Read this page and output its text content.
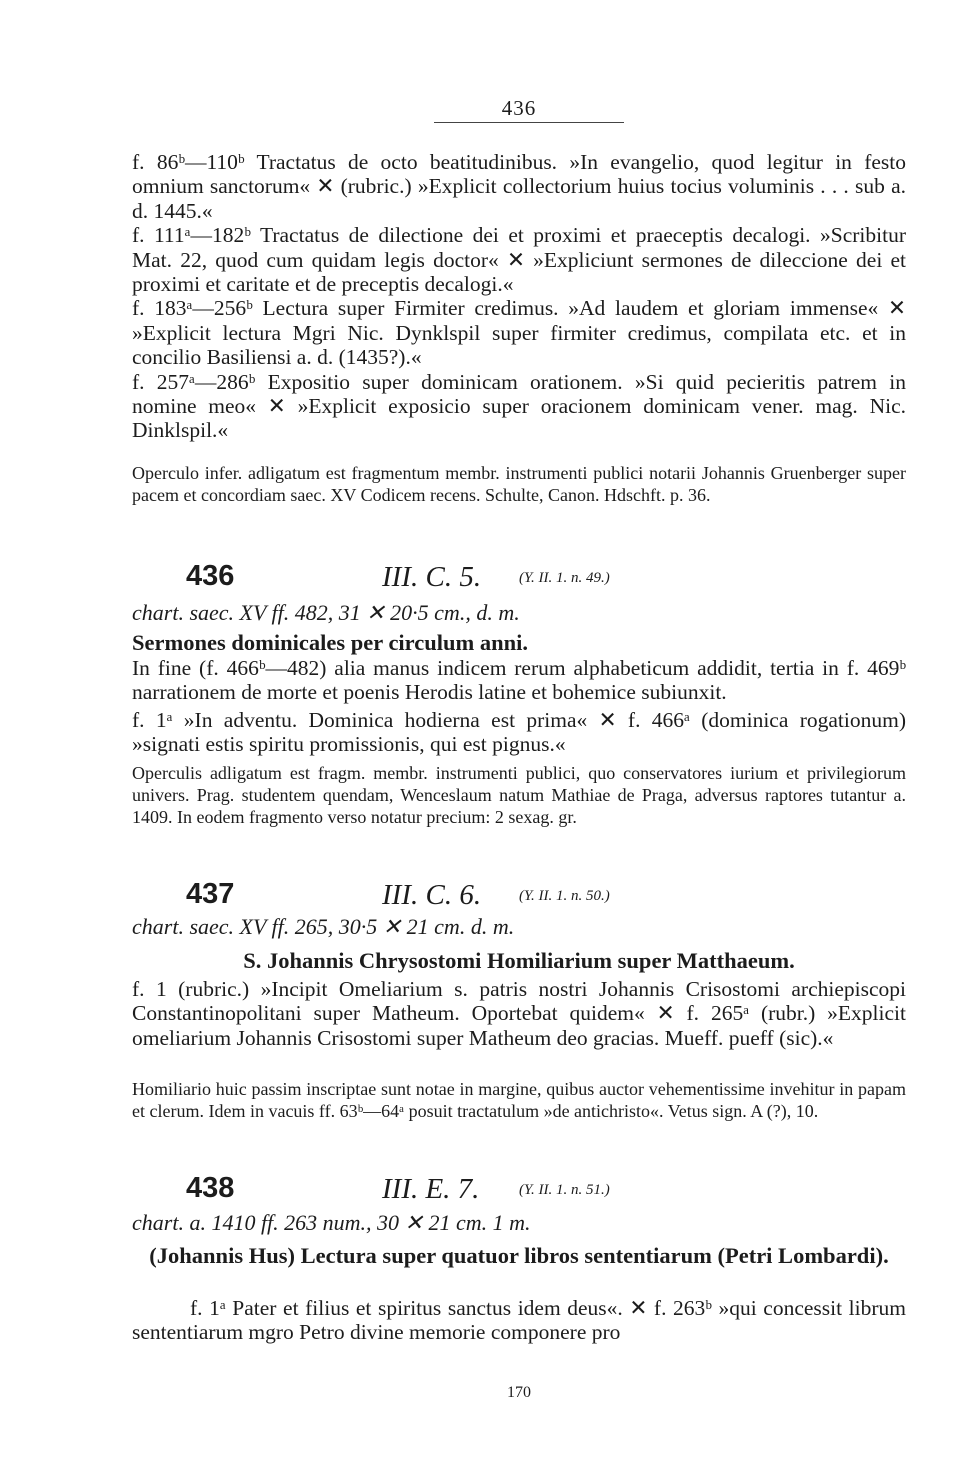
436
f. 86ᵇ—110ᵇ Tractatus de octo beatitudinibus. »In evangelio, quod legitur in festo omnium sanctorum« ✕ (rubric.) »Explicit collectorium huius tocius voluminis . . . sub a. d. 1445.«
f. 111ᵃ—182ᵇ Tractatus de dilectione dei et proximi et praeceptis decalogi. »Scribitur Mat. 22, quod cum quidam legis doctor« ✕ »Expliciunt sermones de dileccione dei et proximi et caritate et de preceptis decalogi.«
f. 183ᵃ—256ᵇ Lectura super Firmiter credimus. »Ad laudem et gloriam immense« ✕ »Explicit lectura Mgri Nic. Dynklspil super firmiter credimus, compilata etc. et in concilio Basiliensi a. d. (1435?).«
f. 257ᵃ—286ᵇ Expositio super dominicam orationem. »Si quid pecieritis patrem in nomine meo« ✕ »Explicit exposicio super oracionem dominicam vener. mag. Nic. Dinklspil.«
Operculo infer. adligatum est fragmentum membr. instrumenti publici notarii Johannis Gruenberger super pacem et concordiam saec. XV Codicem recens. Schulte, Canon. Hdschft. p. 36.
436	III. C. 5.	(Y. II. 1. n. 49.)
chart. saec. XV ff. 482, 31 ✕ 20·5 cm., d. m.
Sermones dominicales per circulum anni.
In fine (f. 466ᵇ—482) alia manus indicem rerum alphabeticum addidit, tertia in f. 469ᵇ narrationem de morte et poenis Herodis latine et bohemice subiunxit.
f. 1ᵃ »In adventu. Dominica hodierna est prima« ✕ f. 466ᵃ (dominica rogationum) »signati estis spiritu promissionis, qui est pignus.«
Operculis adligatum est fragm. membr. instrumenti publici, quo conservatores iurium et privilegiorum univers. Prag. studentem quendam, Wenceslaum natum Mathiae de Praga, adversus raptores tutantur a. 1409. In eodem fragmento verso notatur precium: 2 sexag. gr.
437	III. C. 6.	(Y. II. 1. n. 50.)
chart. saec. XV ff. 265, 30·5 ✕ 21 cm. d. m.
S. Johannis Chrysostomi Homiliarium super Matthaeum.
f. 1 (rubric.) »Incipit Omeliarium s. patris nostri Johannis Crisostomi archiepiscopi Constantinopolitani super Matheum. Oportebat quidem« ✕ f. 265ᵃ (rubr.) »Explicit omeliarium Johannis Crisostomi super Matheum deo gracias. Mueff. pueff (sic).«
Homiliario huic passim inscriptae sunt notae in margine, quibus auctor vehementissime invehitur in papam et clerum. Idem in vacuis ff. 63ᵇ—64ᵃ posuit tractatulum »de antichristo«. Vetus sign. A (?), 10.
438	III. E. 7.	(Y. II. 1. n. 51.)
chart. a. 1410 ff. 263 num., 30 ✕ 21 cm. 1 m.
(Johannis Hus) Lectura super quatuor libros sententiarum (Petri Lombardi).
f. 1ᵃ Pater et filius et spiritus sanctus idem deus«. ✕ f. 263ᵇ »qui concessit librum sententiarum mgro Petro divine memorie componere pro
170
